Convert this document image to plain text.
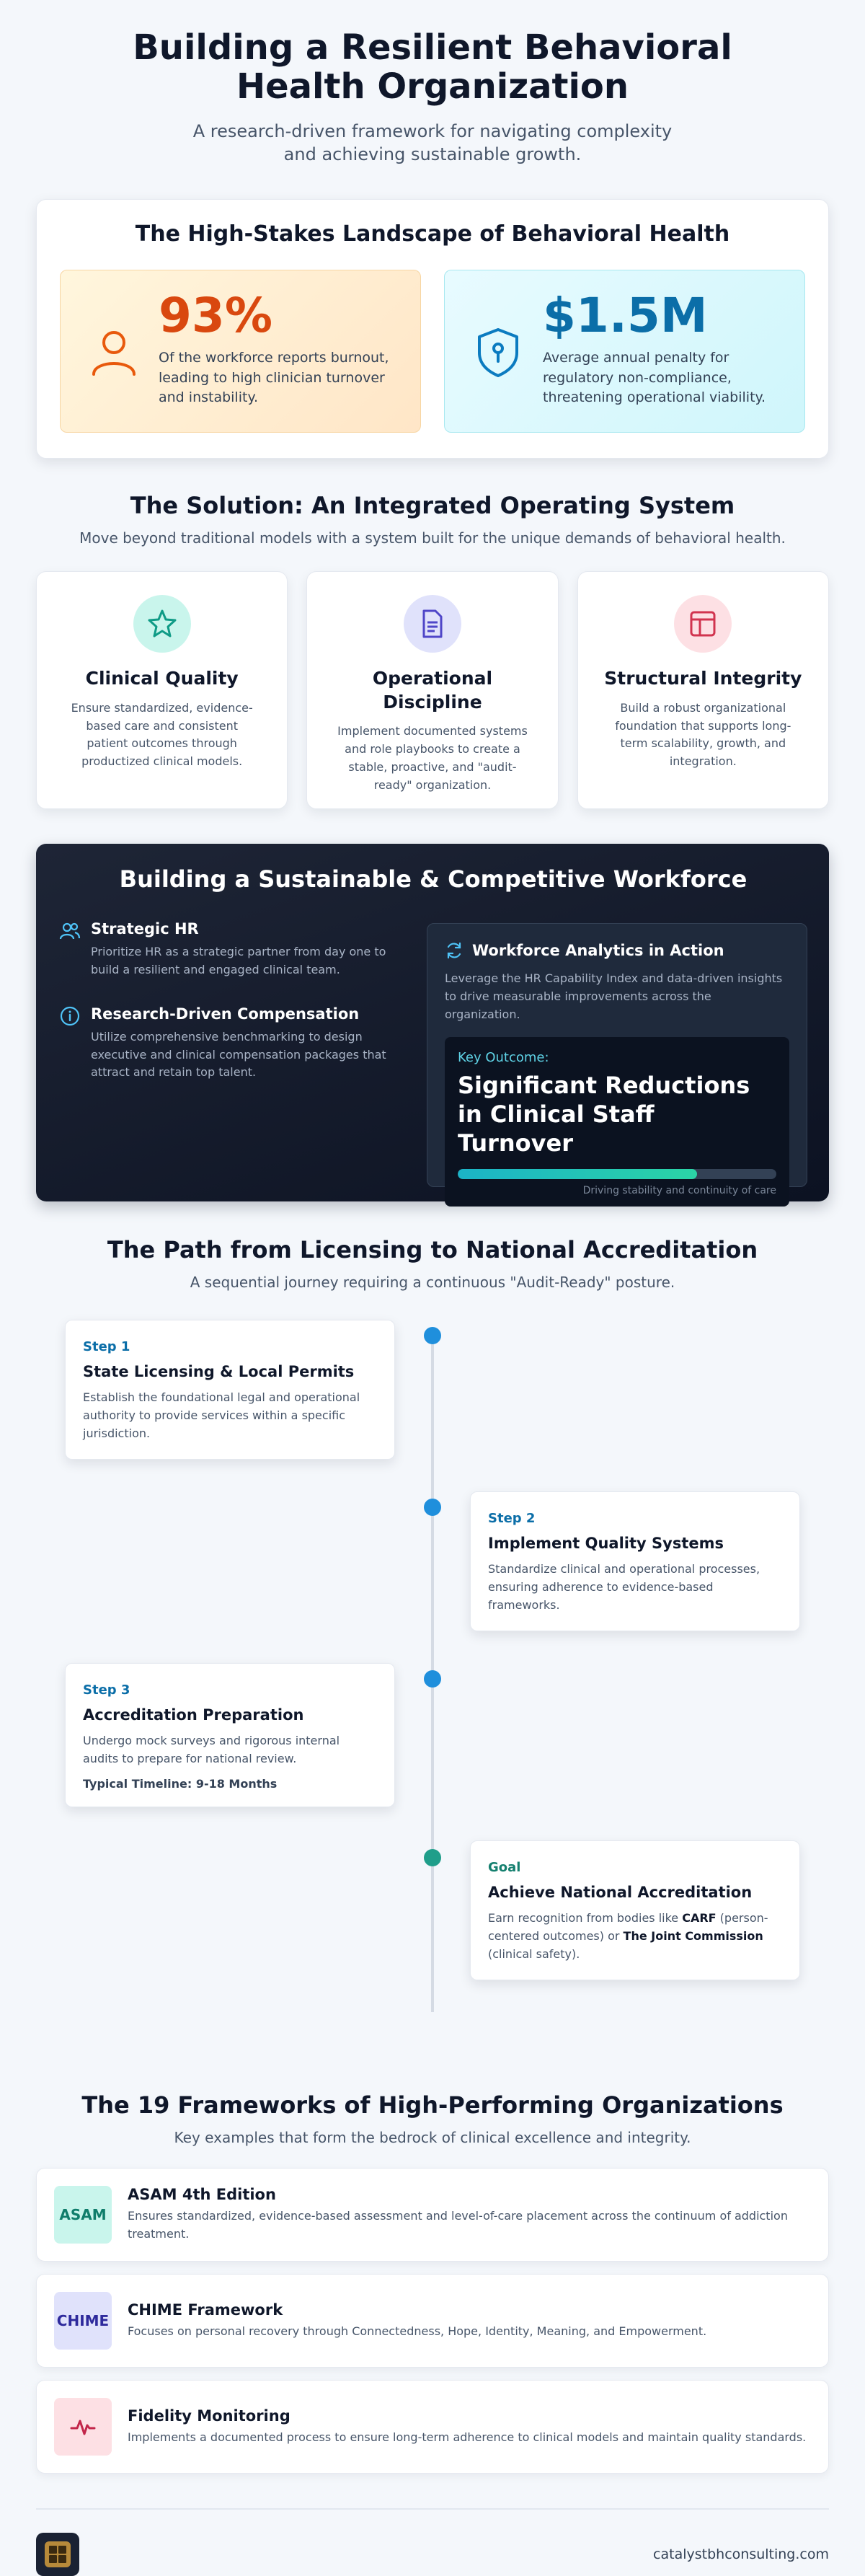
Building a Resilient Behavioral Health Organization

A research-driven framework for navigating complexity and achieving sustainable growth.

The High-Stakes Landscape of Behavioral Health
93%
Of the workforce reports burnout, leading to high clinician turnover and instability.
$1.5M
Average annual penalty for regulatory non-compliance, threatening operational viability.
The Solution: An Integrated Operating System

Move beyond traditional models with a system built for the unique demands of behavioral health.

Clinical Quality

Ensure standardized, evidence-based care and consistent patient outcomes through productized clinical models.

Operational Discipline

Implement documented systems and role playbooks to create a stable, proactive, and "audit-ready" organization.

Structural Integrity

Build a robust organizational foundation that supports long-term scalability, growth, and integration.

Building a Sustainable & Competitive Workforce
Strategic HR

Prioritize HR as a strategic partner from day one to build a resilient and engaged clinical team.

Research-Driven Compensation

Utilize comprehensive benchmarking to design executive and clinical compensation packages that attract and retain top talent.

Workforce Analytics in Action

Leverage the HR Capability Index and data-driven insights to drive measurable improvements across the organization.

Key Outcome:
Significant Reductions in Clinical Staff Turnover
Driving stability and continuity of care
The Path from Licensing to National Accreditation

A sequential journey requiring a continuous "Audit-Ready" posture.

Step 1
State Licensing & Local Permits

Establish the foundational legal and operational authority to provide services within a specific jurisdiction.

Step 2
Implement Quality Systems

Standardize clinical and operational processes, ensuring adherence to evidence-based frameworks.

Step 3
Accreditation Preparation

Undergo mock surveys and rigorous internal audits to prepare for national review.

Typical Timeline: 9-18 Months
Goal
Achieve National Accreditation

Earn recognition from bodies like CARF (person-centered outcomes) or The Joint Commission (clinical safety).

The 19 Frameworks of High-Performing Organizations

Key examples that form the bedrock of clinical excellence and integrity.

ASAM
ASAM 4th Edition

Ensures standardized, evidence-based assessment and level-of-care placement across the continuum of addiction treatment.

CHIME
CHIME Framework

Focuses on personal recovery through Connectedness, Hope, Identity, Meaning, and Empowerment.

Fidelity Monitoring

Implements a documented process to ensure long-term adherence to clinical models and maintain quality standards.

catalystbhconsulting.com
